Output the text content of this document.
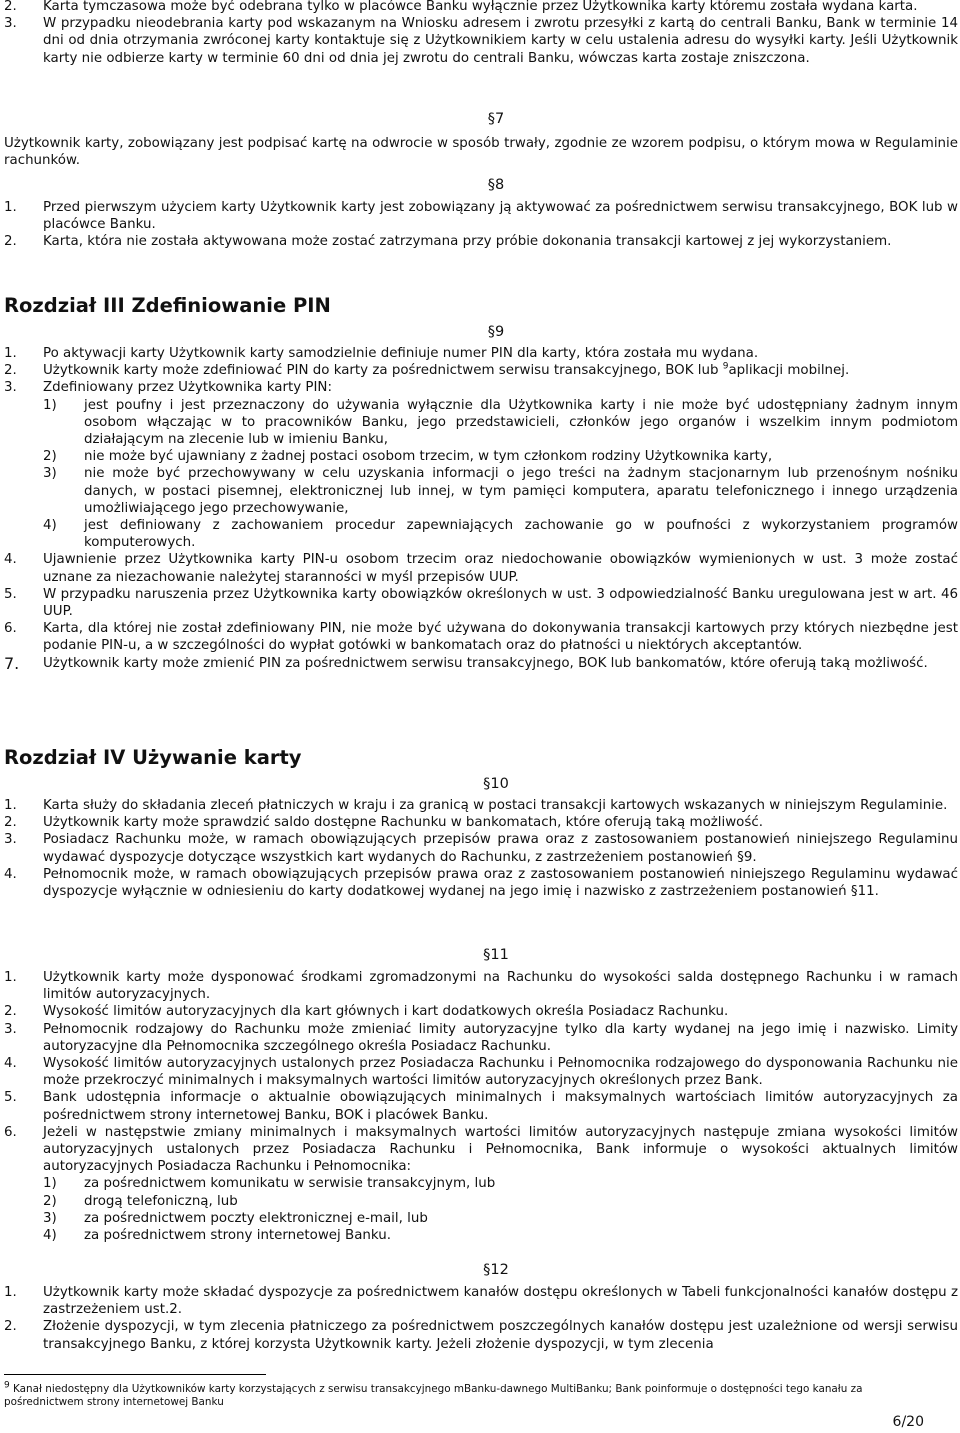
2. Karta tymczasowa może być odebrana tylko w placówce Banku wyłącznie przez Użytkownika karty któremu została wydana karta.
3. W przypadku nieodebrania karty pod wskazanym na Wniosku adresem i zwrotu przesyłki z kartą do centrali Banku, Bank w terminie 14 dni od dnia otrzymania zwróconej karty kontaktuje się z Użytkownikiem karty w celu ustalenia adresu do wysyłki karty. Jeśli Użytkownik karty nie odbierze karty w terminie 60 dni od dnia jej zwrotu do centrali Banku, wówczas karta zostaje zniszczona.
§7
Użytkownik karty, zobowiązany jest podpisać kartę na odwrocie w sposób trwały, zgodnie ze wzorem podpisu, o którym mowa w Regulaminie rachunków.
§8
1. Przed pierwszym użyciem karty Użytkownik karty jest zobowiązany ją aktywować za pośrednictwem serwisu transakcyjnego, BOK lub w placówce Banku.
2. Karta, która nie została aktywowana może zostać zatrzymana przy próbie dokonania transakcji kartowej z jej wykorzystaniem.
Rozdział III Zdefiniowanie PIN
§9
1. Po aktywacji karty Użytkownik karty samodzielnie definiuje numer PIN dla karty, która została mu wydana.
2. Użytkownik karty może zdefiniować PIN do karty za pośrednictwem serwisu transakcyjnego, BOK lub $^9$aplikacji mobilnej.
3. Zdefiniowany przez Użytkownika karty PIN:
1) jest poufny i jest przeznaczony do używania wyłącznie dla Użytkownika karty i nie może być udostępniany żadnym innym osobom włączając w to pracowników Banku, jego przedstawicieli, członków jego organów i wszelkim innym podmiotom działającym na zlecenie lub w imieniu Banku,
2) nie może być ujawniany z żadnej postaci osobom trzecim, w tym członkom rodziny Użytkownika karty,
3) nie może być przechowywany w celu uzyskania informacji o jego treści na żadnym stacjonarnym lub przenośnym nośniku danych, w postaci pisemnej, elektronicznej lub innej, w tym pamięci komputera, aparatu telefonicznego i innego urządzenia umożliwiającego jego przechowywanie,
4) jest definiowany z zachowaniem procedur zapewniających zachowanie go w poufności z wykorzystaniem programów komputerowych.
4. Ujawnienie przez Użytkownika karty PIN-u osobom trzecim oraz niedochowanie obowiązków wymienionych w ust. 3 może zostać uznane za niezachowanie należytej staranności w myśl przepisów UUP.
5. W przypadku naruszenia przez Użytkownika karty obowiązków określonych w ust. 3 odpowiedzialność Banku uregulowana jest w art. 46 UUP.
6. Karta, dla której nie został zdefiniowany PIN, nie może być używana do dokonywania transakcji kartowych przy których niezbędne jest podanie PIN-u, a w szczególności do wypłat gotówki w bankomatach oraz do płatności u niektórych akceptantów.
7. Użytkownik karty może zmienić PIN za pośrednictwem serwisu transakcyjnego, BOK lub bankomatów, które oferują taką możliwość.
Rozdział IV Używanie karty
§10
1. Karta służy do składania zleceń płatniczych w kraju i za granicą w postaci transakcji kartowych wskazanych w niniejszym Regulaminie.
2. Użytkownik karty może sprawdzić saldo dostępne Rachunku w bankomatach, które oferują taką możliwość.
3. Posiadacz Rachunku może, w ramach obowiązujących przepisów prawa oraz z zastosowaniem postanowień niniejszego Regulaminu wydawać dyspozycje dotyczące wszystkich kart wydanych do Rachunku, z zastrzeżeniem postanowień §9.
4. Pełnomocnik może, w ramach obowiązujących przepisów prawa oraz z zastosowaniem postanowień niniejszego Regulaminu wydawać dyspozycje wyłącznie w odniesieniu do karty dodatkowej wydanej na jego imię i nazwisko z zastrzeżeniem postanowień §11.
§11
1. Użytkownik karty może dysponować środkami zgromadzonymi na Rachunku do wysokości salda dostępnego Rachunku i w ramach limitów autoryzacyjnych.
2. Wysokość limitów autoryzacyjnych dla kart głównych i kart dodatkowych określa Posiadacz Rachunku.
3. Pełnomocnik rodzajowy do Rachunku może zmieniać limity autoryzacyjne tylko dla karty wydanej na jego imię i nazwisko. Limity autoryzacyjne dla Pełnomocnika szczególnego określa Posiadacz Rachunku.
4. Wysokość limitów autoryzacyjnych ustalonych przez Posiadacza Rachunku i Pełnomocnika rodzajowego do dysponowania Rachunku nie może przekroczyć minimalnych i maksymalnych wartości limitów autoryzacyjnych określonych przez Bank.
5. Bank udostępnia informacje o aktualnie obowiązujących minimalnych i maksymalnych wartościach limitów autoryzacyjnych za pośrednictwem strony internetowej Banku, BOK i placówek Banku.
6. Jeżeli w następstwie zmiany minimalnych i maksymalnych wartości limitów autoryzacyjnych następuje zmiana wysokości limitów autoryzacyjnych ustalonych przez Posiadacza Rachunku i Pełnomocnika, Bank informuje o wysokości aktualnych limitów autoryzacyjnych Posiadacza Rachunku i Pełnomocnika:
1) za pośrednictwem komunikatu w serwisie transakcyjnym, lub
2) drogą telefoniczną, lub
3) za pośrednictwem poczty elektronicznej e-mail, lub
4) za pośrednictwem strony internetowej Banku.
§12
1. Użytkownik karty może składać dyspozycje za pośrednictwem kanałów dostępu określonych w Tabeli funkcjonalności kanałów dostępu z zastrzeżeniem ust.2.
2. Złożenie dyspozycji, w tym zlecenia płatniczego za pośrednictwem poszczególnych kanałów dostępu jest uzależnione od wersji serwisu transakcyjnego Banku, z której korzysta Użytkownik karty. Jeżeli złożenie dyspozycji, w tym zlecenia
$^9$ Kanał niedostępny dla Użytkowników karty korzystających z serwisu transakcyjnego mBanku-dawnego MultiBanku; Bank poinformuje o dostępności tego kanału za pośrednictwem strony internetowej Banku
6/20
